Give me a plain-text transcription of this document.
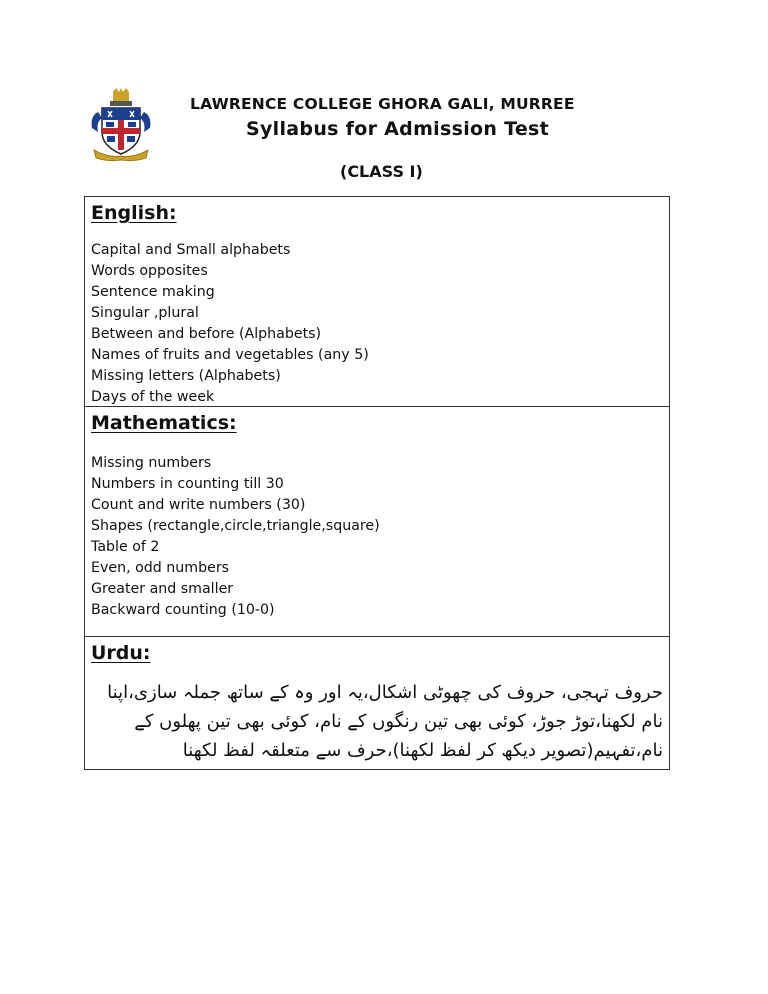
LAWRENCE COLLEGE GHORA GALI, MURREE
Syllabus for Admission Test
(CLASS I)
English:
Capital and Small alphabets
Words opposites
Sentence making
Singular ,plural
Between and before (Alphabets)
Names of fruits and vegetables (any 5)
Missing letters (Alphabets)
Days of the week
Mathematics:
Missing numbers
Numbers in counting till 30
Count and write numbers (30)
Shapes (rectangle,circle,triangle,square)
Table of 2
Even, odd numbers
Greater and smaller
Backward counting (10-0)
Urdu:

حروف تہجی، حروف کی چھوٹی اشکال،یہ اور وہ کے ساتھ جملہ سازی،اپنا نام لکھنا،توڑ جوڑ، کوئی بھی تین رنگوں کے نام، کوئی بھی تین پھلوں کے نام،تفہیم(تصویر دیکھ کر لفظ لکھنا)،حرف سے متعلقہ لفظ لکھنا
